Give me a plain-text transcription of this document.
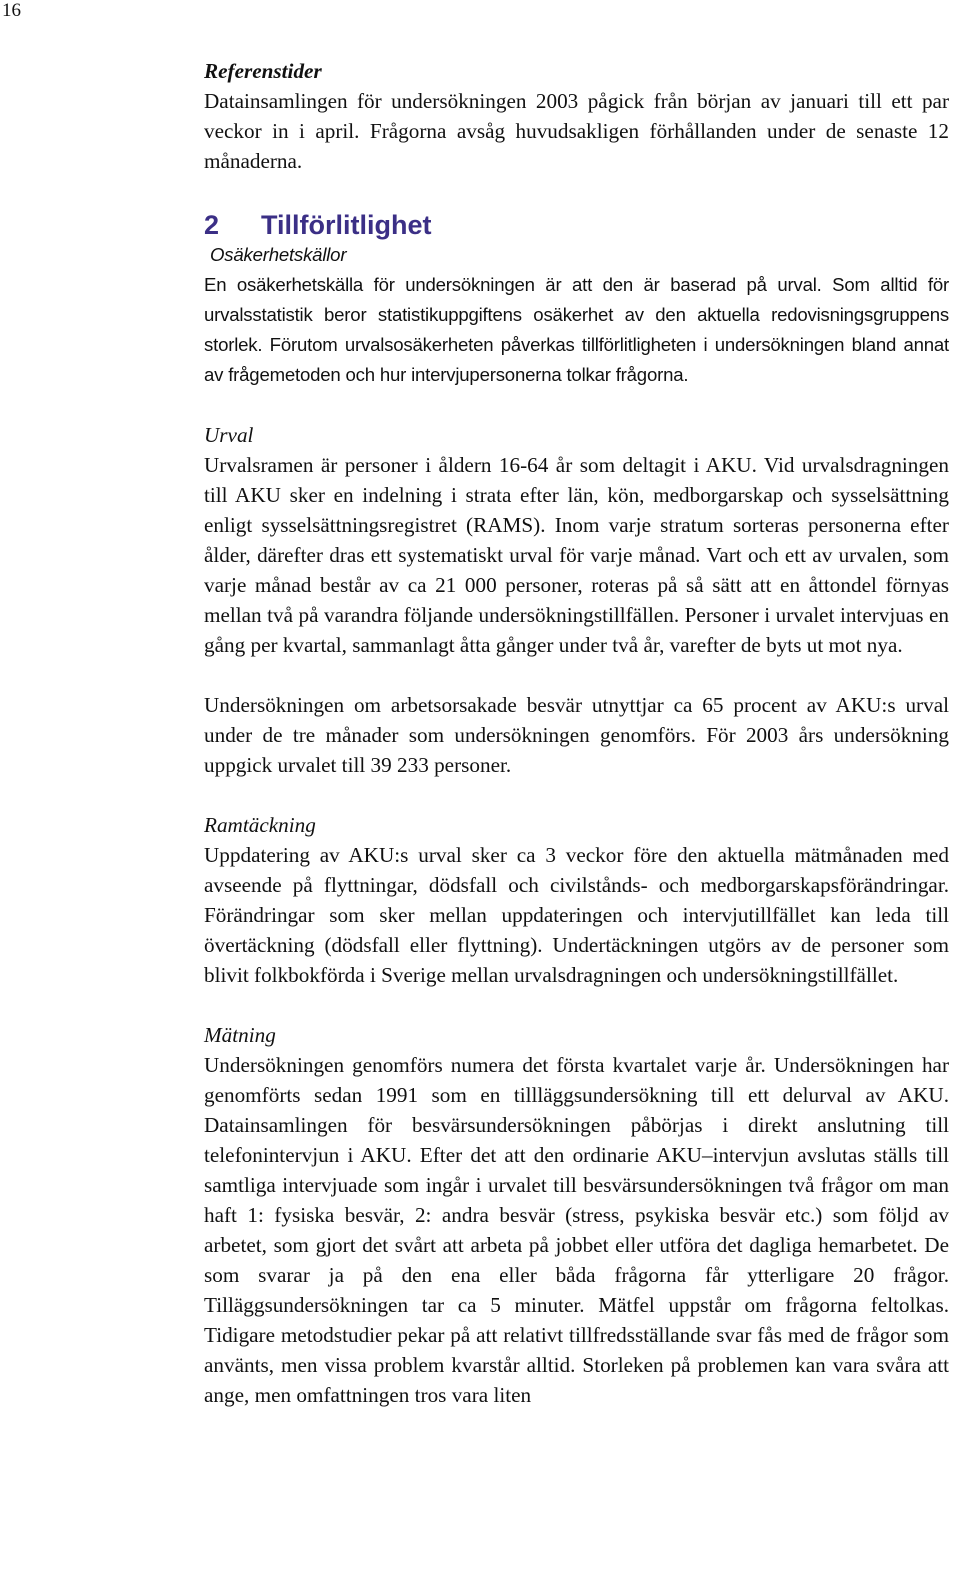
16
Referenstider

Datainsamlingen för undersökningen 2003 pågick från början av januari till ett par veckor in i april. Frågorna avsåg huvudsakligen förhållanden under de senaste 12 månaderna.

2	Tillförlitlighet
Osäkerhetskällor

En osäkerhetskälla för undersökningen är att den är baserad på urval. Som alltid för urvalsstatistik beror statistikuppgiftens osäkerhet av den aktuella redovisningsgruppens storlek. Förutom urvalsosäkerheten påverkas tillförlitligheten i undersökningen bland annat av frågemetoden och hur intervjupersonerna tolkar frågorna.

Urval

Urvalsramen är personer i åldern 16-64 år som deltagit i AKU. Vid urvalsdragningen till AKU sker en indelning i strata efter län, kön, medborgarskap och sysselsättning enligt sysselsättningsregistret (RAMS). Inom varje stratum sorteras personerna efter ålder, därefter dras ett systematiskt urval för varje månad. Vart och ett av urvalen, som varje månad består av ca 21 000 personer, roteras på så sätt att en åttondel förnyas mellan två på varandra följande undersökningstillfällen. Personer i urvalet intervjuas en gång per kvartal, sammanlagt åtta gånger under två år, varefter de byts ut mot nya.

Undersökningen om arbetsorsakade besvär utnyttjar ca 65 procent av AKU:s urval under de tre månader som undersökningen genomförs. För 2003 års undersökning uppgick urvalet till 39 233 personer.

Ramtäckning

Uppdatering av AKU:s urval sker ca 3 veckor före den aktuella mätmånaden med avseende på flyttningar, dödsfall och civilstånds- och medborgarskapsförändringar. Förändringar som sker mellan uppdateringen och intervjutillfället kan leda till övertäckning (dödsfall eller flyttning). Undertäckningen utgörs av de personer som blivit folkbokförda i Sverige mellan urvalsdragningen och undersökningstillfället.

Mätning

Undersökningen genomförs numera det första kvartalet varje år. Undersökningen har genomförts sedan 1991 som en tillläggsundersökning till ett delurval av AKU. Datainsamlingen för besvärsundersökningen påbörjas i direkt anslutning till telefonintervjun i AKU. Efter det att den ordinarie AKU–intervjun avslutas ställs till samtliga intervjuade som ingår i urvalet till besvärsundersökningen två frågor om man haft 1: fysiska besvär, 2: andra besvär (stress, psykiska besvär etc.) som följd av arbetet, som gjort det svårt att arbeta på jobbet eller utföra det dagliga hemarbetet. De som svarar ja på den ena eller båda frågorna får ytterligare 20 frågor. Tilläggsundersökningen tar ca 5 minuter. Mätfel uppstår om frågorna feltolkas. Tidigare metodstudier pekar på att relativt tillfredsställande svar fås med de frågor som använts, men vissa problem kvarstår alltid. Storleken på problemen kan vara svåra att ange, men omfattningen tros vara liten
